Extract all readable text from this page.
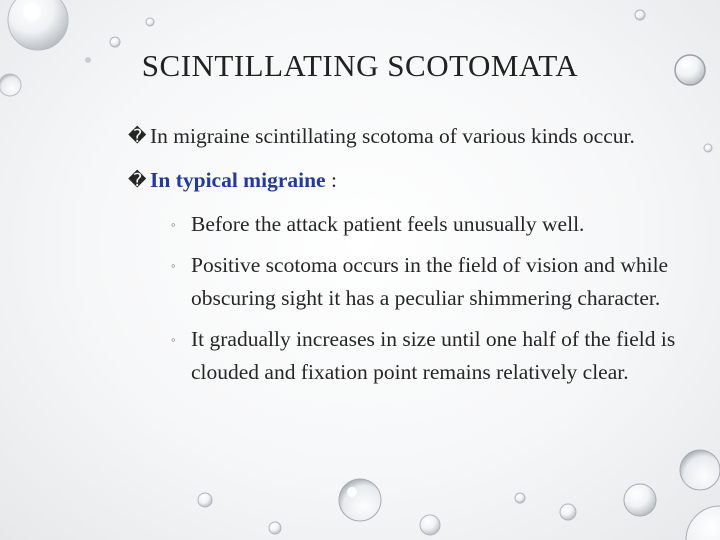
SCINTILLATING SCOTOMATA
� In migraine scintillating scotoma of various kinds occur.
� In typical migraine :
◦ Before the attack patient feels unusually well.
◦ Positive scotoma occurs in the field of vision and while obscuring sight it has a peculiar shimmering character.
◦ It gradually increases in size until one half of the field is clouded and fixation point remains relatively clear.
